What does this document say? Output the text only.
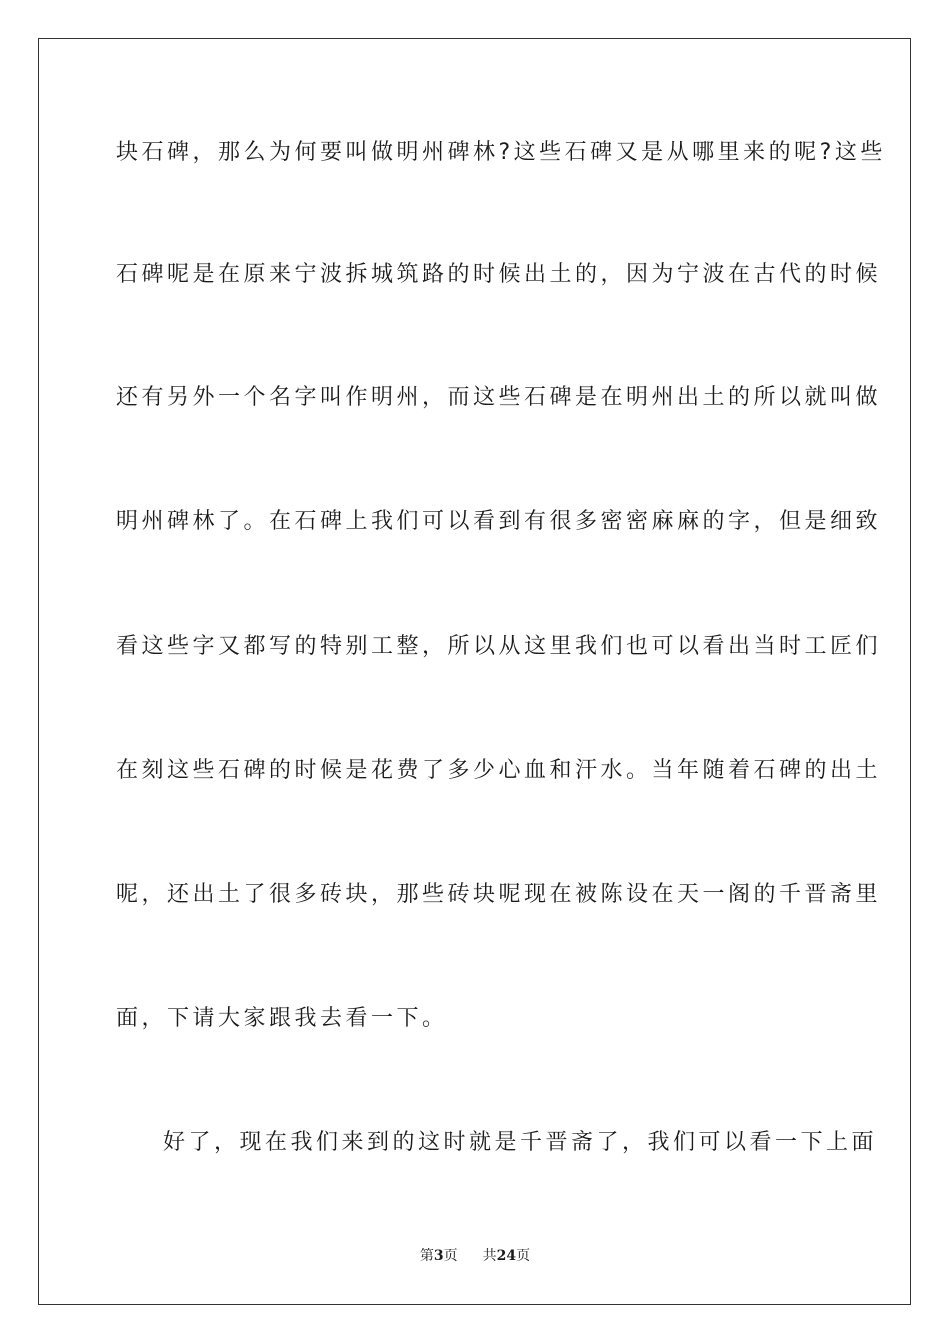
块石碑，那么为何要叫做明州碑林?这些石碑又是从哪里来的呢?这些
石碑呢是在原来宁波拆城筑路的时候出土的，因为宁波在古代的时候
还有另外一个名字叫作明州，而这些石碑是在明州出土的所以就叫做
明州碑林了。在石碑上我们可以看到有很多密密麻麻的字，但是细致
看这些字又都写的特别工整，所以从这里我们也可以看出当时工匠们
在刻这些石碑的时候是花费了多少心血和汗水。当年随着石碑的出土
呢，还出土了很多砖块，那些砖块呢现在被陈设在天一阁的千晋斋里
面，下请大家跟我去看一下。
好了，现在我们来到的这时就是千晋斋了，我们可以看一下上面
第3页 共24页
